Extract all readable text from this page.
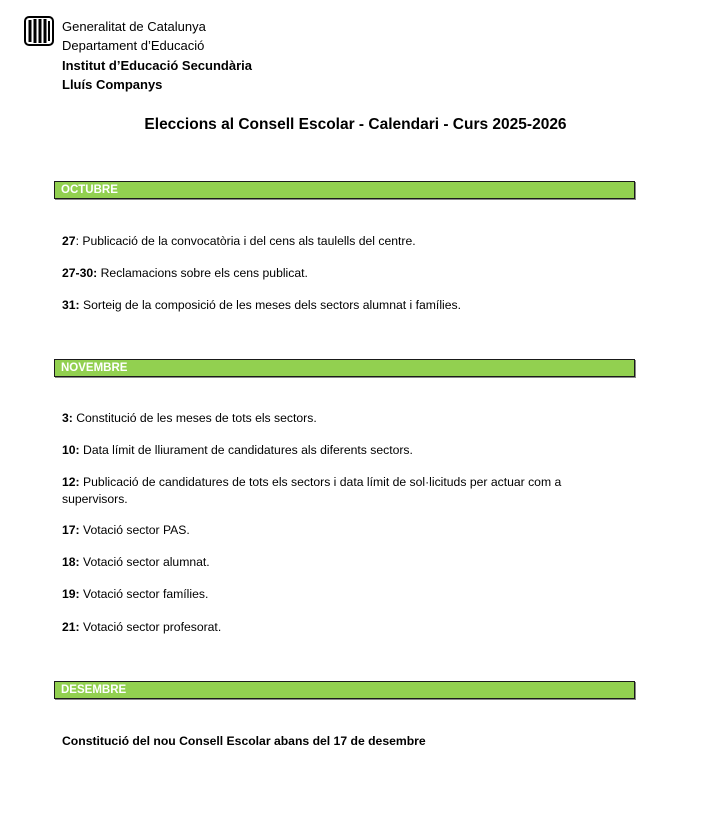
Generalitat de Catalunya
Departament d’Educació
Institut d’Educació Secundària
Lluís Companys
Eleccions al Consell Escolar - Calendari - Curs 2025-2026
OCTUBRE
27: Publicació de la convocatòria i del cens als taulells del centre.
27-30: Reclamacions sobre els cens publicat.
31: Sorteig de la composició de les meses dels sectors alumnat i famílies.
NOVEMBRE
3: Constitució de les meses de tots els sectors.
10: Data límit de lliurament de candidatures als diferents sectors.
12: Publicació de candidatures de tots els sectors i data límit de sol·licituds per actuar com a supervisors.
17: Votació sector PAS.
18: Votació sector alumnat.
19: Votació sector famílies.
21: Votació sector profesorat.
DESEMBRE
Constitució del nou Consell Escolar abans del 17 de desembre
